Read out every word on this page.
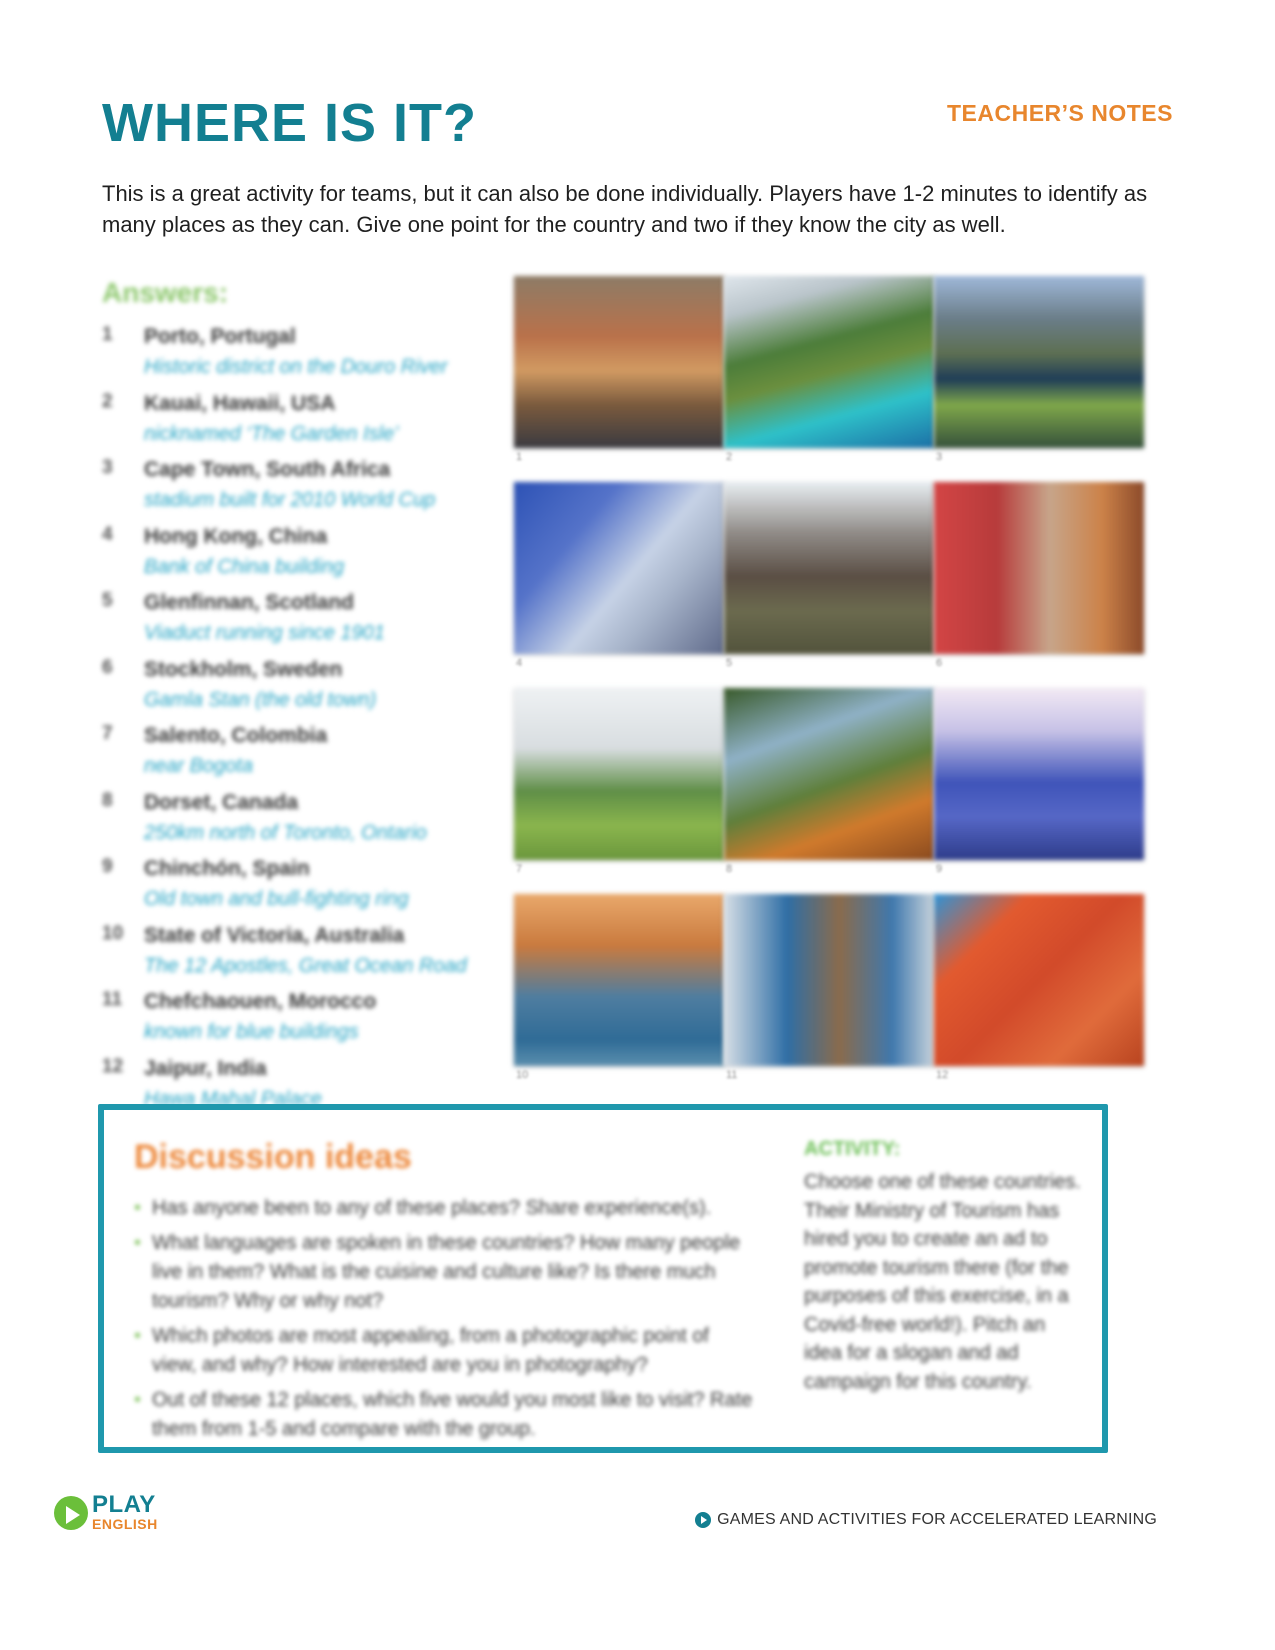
WHERE IS IT?	TEACHER’S NOTES

This is a great activity for teams, but it can also be done individually. Players have 1-2 minutes to identify as many places as they can. Give one point for the country and two if they know the city as well.

Answers:
1 Porto, Portugal
Historic district on the Douro River
2 Kauai, Hawaii, USA
nicknamed ‘The Garden Isle’
3 Cape Town, South Africa
stadium built for 2010 World Cup
4 Hong Kong, China
Bank of China building
5 Glenfinnan, Scotland
Viaduct running since 1901
6 Stockholm, Sweden
Gamla Stan (the old town)
7 Salento, Colombia
near Bogota
8 Dorset, Canada
250km north of Toronto, Ontario
9 Chinchón, Spain
Old town and bull-fighting ring
10 State of Victoria, Australia
The 12 Apostles, Great Ocean Road
11 Chefchaouen, Morocco
known for blue buildings
12 Jaipur, India
Hawa Mahal Palace
1	2	3
4	5	6
7	8	9
10	11	12
Discussion ideas
• Has anyone been to any of these places? Share experience(s).
• What languages are spoken in these countries? How many people live in them? What is the cuisine and culture like? Is there much tourism? Why or why not?
• Which photos are most appealing, from a photographic point of view, and why? How interested are you in photography?
• Out of these 12 places, which five would you most like to visit? Rate them from 1-5 and compare with the group.
ACTIVITY:

Choose one of these countries. Their Ministry of Tourism has hired you to create an ad to promote tourism there (for the purposes of this exercise, in a Covid-free world!). Pitch an idea for a slogan and ad campaign for this country.

PLAY
ENGLISH	GAMES AND ACTIVITIES FOR ACCELERATED LEARNING
